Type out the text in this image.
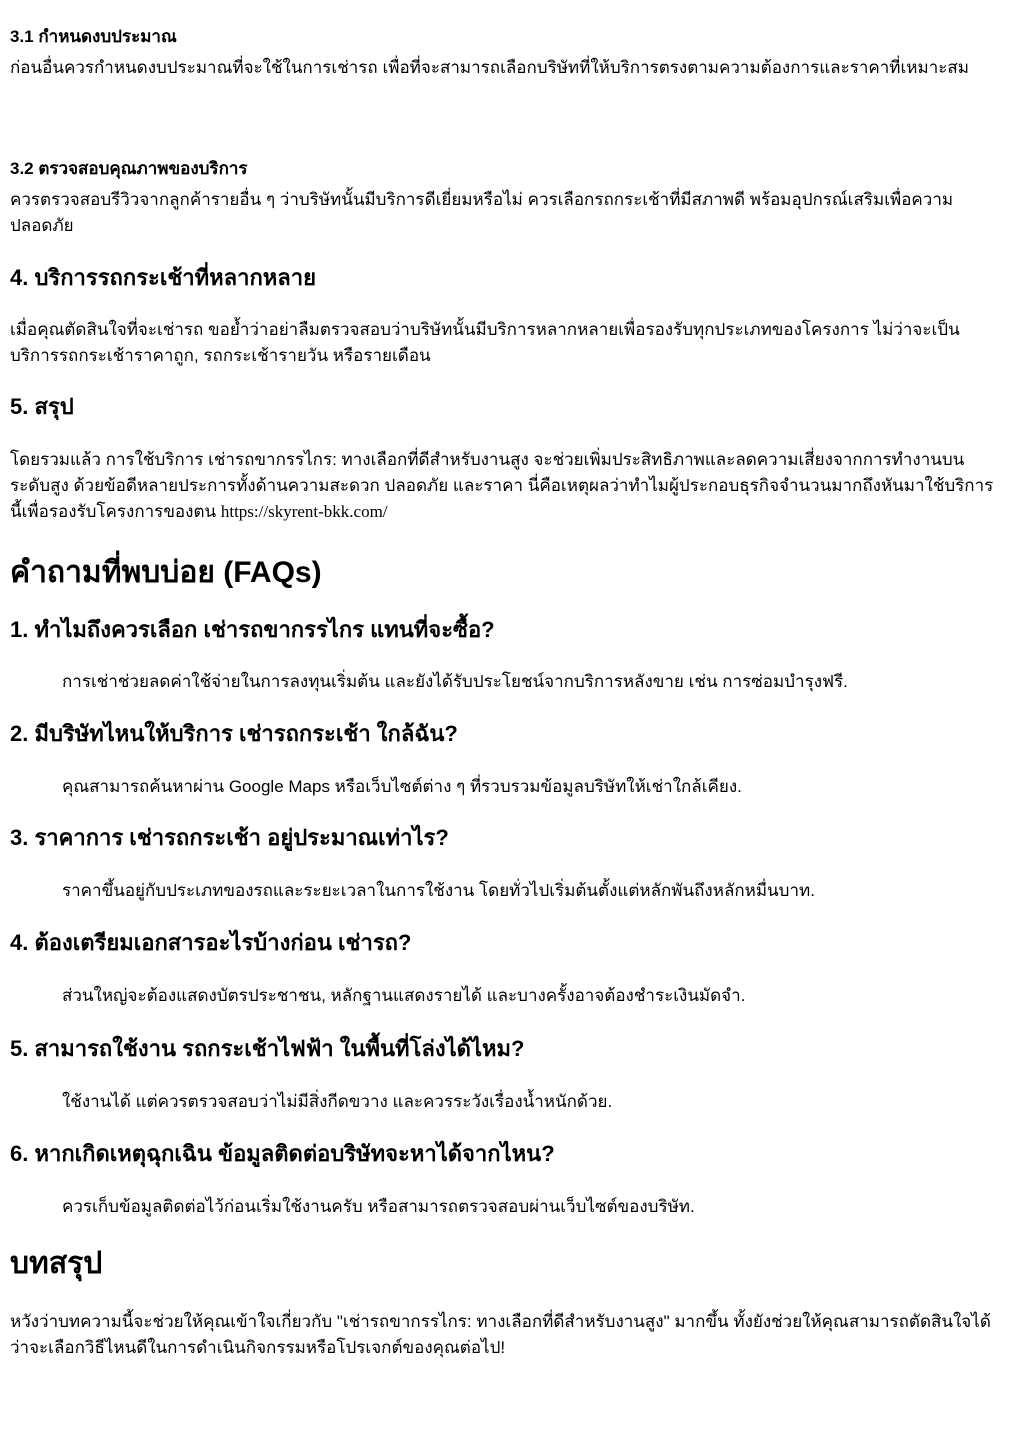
3.1 กำหนดงบประมาณ

ก่อนอื่นควรกำหนดงบประมาณที่จะใช้ในการเช่ารถ เพื่อที่จะสามารถเลือกบริษัทที่ให้บริการตรงตามความต้องการและราคาที่เหมาะสม

3.2 ตรวจสอบคุณภาพของบริการ

ควรตรวจสอบรีวิวจากลูกค้ารายอื่น ๆ ว่าบริษัทนั้นมีบริการดีเยี่ยมหรือไม่ ควรเลือกรถกระเช้าที่มีสภาพดี พร้อมอุปกรณ์เสริมเพื่อความปลอดภัย

4. บริการรถกระเช้าที่หลากหลาย

เมื่อคุณตัดสินใจที่จะเช่ารถ ขอย้ำว่าอย่าลืมตรวจสอบว่าบริษัทนั้นมีบริการหลากหลายเพื่อรองรับทุกประเภทของโครงการ ไม่ว่าจะเป็นบริการรถกระเช้าราคาถูก, รถกระเช้ารายวัน หรือรายเดือน

5. สรุป

โดยรวมแล้ว การใช้บริการ เช่ารถขากรรไกร: ทางเลือกที่ดีสำหรับงานสูง จะช่วยเพิ่มประสิทธิภาพและลดความเสี่ยงจากการทำงานบนระดับสูง ด้วยข้อดีหลายประการทั้งด้านความสะดวก ปลอดภัย และราคา นี่คือเหตุผลว่าทำไมผู้ประกอบธุรกิจจำนวนมากถึงหันมาใช้บริการนี้เพื่อรองรับโครงการของตน https://skyrent-bkk.com/

คำถามที่พบบ่อย (FAQs)
1. ทำไมถึงควรเลือก เช่ารถขากรรไกร แทนที่จะซื้อ?

การเช่าช่วยลดค่าใช้จ่ายในการลงทุนเริ่มต้น และยังได้รับประโยชน์จากบริการหลังขาย เช่น การซ่อมบำรุงฟรี.

2. มีบริษัทไหนให้บริการ เช่ารถกระเช้า ใกล้ฉัน?

คุณสามารถค้นหาผ่าน Google Maps หรือเว็บไซต์ต่าง ๆ ที่รวบรวมข้อมูลบริษัทให้เช่าใกล้เคียง.

3. ราคาการ เช่ารถกระเช้า อยู่ประมาณเท่าไร?

ราคาขึ้นอยู่กับประเภทของรถและระยะเวลาในการใช้งาน โดยทั่วไปเริ่มต้นตั้งแต่หลักพันถึงหลักหมื่นบาท.

4. ต้องเตรียมเอกสารอะไรบ้างก่อน เช่ารถ?

ส่วนใหญ่จะต้องแสดงบัตรประชาชน, หลักฐานแสดงรายได้ และบางครั้งอาจต้องชำระเงินมัดจำ.

5. สามารถใช้งาน รถกระเช้าไฟฟ้า ในพื้นที่โล่งได้ไหม?

ใช้งานได้ แต่ควรตรวจสอบว่าไม่มีสิ่งกีดขวาง และควรระวังเรื่องน้ำหนักด้วย.

6. หากเกิดเหตุฉุกเฉิน ข้อมูลติดต่อบริษัทจะหาได้จากไหน?

ควรเก็บข้อมูลติดต่อไว้ก่อนเริ่มใช้งานครับ หรือสามารถตรวจสอบผ่านเว็บไซต์ของบริษัท.

บทสรุป

หวังว่าบทความนี้จะช่วยให้คุณเข้าใจเกี่ยวกับ "เช่ารถขากรรไกร: ทางเลือกที่ดีสำหรับงานสูง" มากขึ้น ทั้งยังช่วยให้คุณสามารถตัดสินใจได้ว่าจะเลือกวิธีไหนดีในการดำเนินกิจกรรมหรือโปรเจกต์ของคุณต่อไป!
